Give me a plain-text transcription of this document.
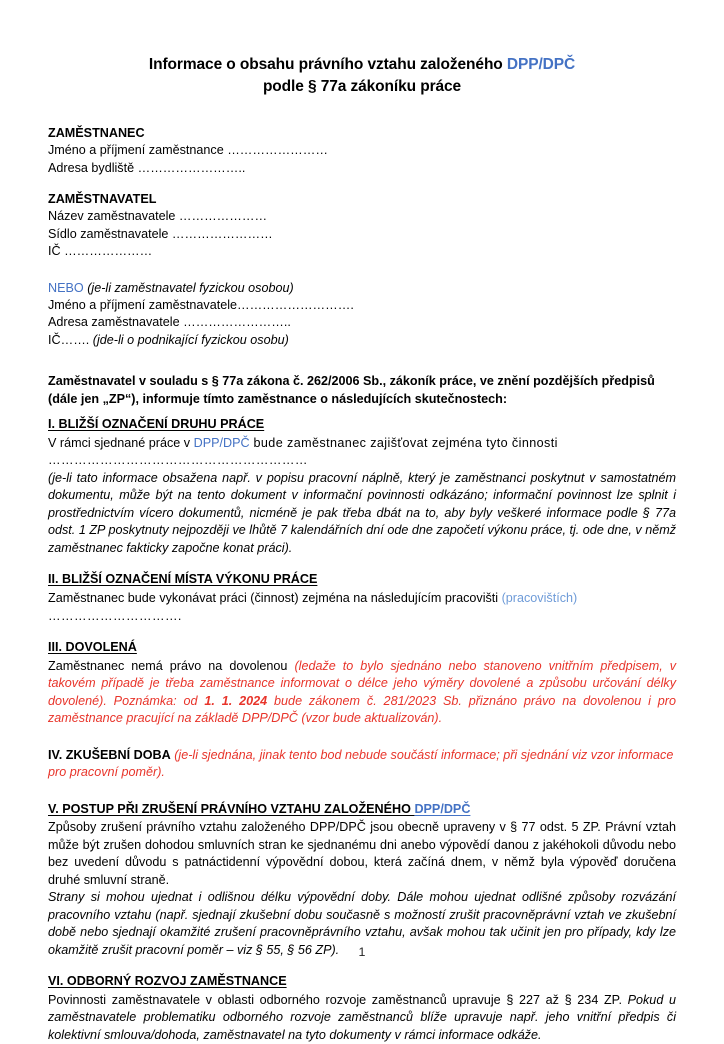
Informace o obsahu právního vztahu založeného DPP/DPČ
podle § 77a zákoníku práce

ZAMĚSTNANEC

Jméno a příjmení zaměstnance ……………………

Adresa bydliště ……………………..

ZAMĚSTNAVATEL

Název zaměstnavatele …………………

Sídlo zaměstnavatele ……………………

IČ …………………

NEBO (je-li zaměstnavatel fyzickou osobou)

Jméno a příjmení zaměstnavatele……………………….

Adresa zaměstnavatele ……………………..

IČ……. (jde-li o podnikající fyzickou osobu)

Zaměstnavatel v souladu s § 77a zákona č. 262/2006 Sb., zákoník práce, ve znění pozdějších předpisů (dále jen „ZP“), informuje tímto zaměstnance o následujících skutečnostech:

I. BLIŽŠÍ OZNAČENÍ DRUHU PRÁCE

V rámci sjednané práce v DPP/DPČ bude zaměstnanec zajišťovat zejména tyto činnosti ……………………………………………………

(je-li tato informace obsažena např. v popisu pracovní náplně, který je zaměstnanci poskytnut v samostatném dokumentu, může být na tento dokument v informační povinnosti odkázáno; informační povinnost lze splnit i prostřednictvím vícero dokumentů, nicméně je pak třeba dbát na to, aby byly veškeré informace podle § 77a odst. 1 ZP poskytnuty nejpozději ve lhůtě 7 kalendářních dní ode dne započetí výkonu práce, tj. ode dne, v němž zaměstnanec fakticky započne konat práci).

II. BLIŽŠÍ OZNAČENÍ MÍSTA VÝKONU PRÁCE

Zaměstnanec bude vykonávat práci (činnost) zejména na následujícím pracovišti (pracovištích) ………………………….

III. DOVOLENÁ

Zaměstnanec nemá právo na dovolenou (ledaže to bylo sjednáno nebo stanoveno vnitřním předpisem, v takovém případě je třeba zaměstnance informovat o délce jeho výměry dovolené a způsobu určování délky dovolené). Poznámka: od 1. 1. 2024 bude zákonem č. 281/2023 Sb. přiznáno právo na dovolenou i pro zaměstnance pracující na základě DPP/DPČ (vzor bude aktualizován).

IV. ZKUŠEBNÍ DOBA (je-li sjednána, jinak tento bod nebude součástí informace; při sjednání viz vzor informace pro pracovní poměr).

V. POSTUP PŘI ZRUŠENÍ PRÁVNÍHO VZTAHU ZALOŽENÉHO DPP/DPČ

Způsoby zrušení právního vztahu založeného DPP/DPČ jsou obecně upraveny v § 77 odst. 5 ZP. Právní vztah může být zrušen dohodou smluvních stran ke sjednanému dni anebo výpovědí danou z jakéhokoli důvodu nebo bez uvedení důvodu s patnáctidenní výpovědní dobou, která začíná dnem, v němž byla výpověď doručena druhé smluvní straně.

Strany si mohou ujednat i odlišnou délku výpovědní doby. Dále mohou ujednat odlišné způsoby rozvázání pracovního vztahu (např. sjednají zkušební dobu současně s možností zrušit pracovněprávní vztah ve zkušební době nebo sjednají okamžité zrušení pracovněprávního vztahu, avšak mohou tak učinit jen pro případy, kdy lze okamžitě zrušit pracovní poměr – viz § 55, § 56 ZP).

VI. ODBORNÝ ROZVOJ ZAMĚSTNANCE

Povinnosti zaměstnavatele v oblasti odborného rozvoje zaměstnanců upravuje § 227 až § 234 ZP. Pokud u zaměstnavatele problematiku odborného rozvoje zaměstnanců blíže upravuje např. jeho vnitřní předpis či kolektivní smlouva/dohoda, zaměstnavatel na tyto dokumenty v rámci informace odkáže.

1
